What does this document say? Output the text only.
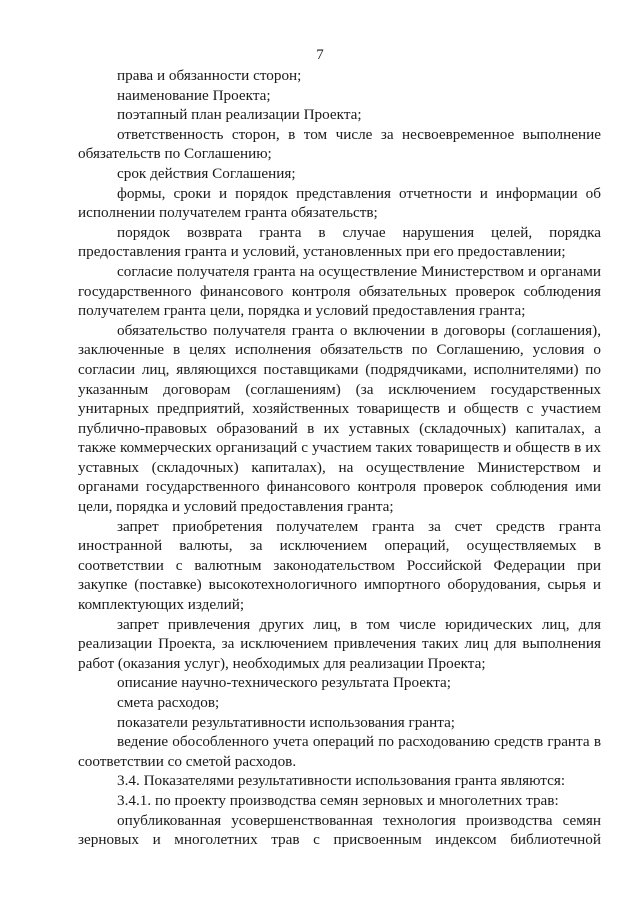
7

права и обязанности сторон;

наименование Проекта;

поэтапный план реализации Проекта;

ответственность сторон, в том числе за несвоевременное выполнение обязательств по Соглашению;

срок действия Соглашения;

формы, сроки и порядок представления отчетности и информации об исполнении получателем гранта обязательств;

порядок возврата гранта в случае нарушения целей, порядка предоставления гранта и условий, установленных при его предоставлении;

согласие получателя гранта на осуществление Министерством и органами государственного финансового контроля обязательных проверок соблюдения получателем гранта цели, порядка и условий предоставления гранта;

обязательство получателя гранта о включении в договоры (соглашения), заключенные в целях исполнения обязательств по Соглашению, условия о согласии лиц, являющихся поставщиками (подрядчиками, исполнителями) по указанным договорам (соглашениям) (за исключением государственных унитарных предприятий, хозяйственных товариществ и обществ с участием публично-правовых образований в их уставных (складочных) капиталах, а также коммерческих организаций с участием таких товариществ и обществ в их уставных (складочных) капиталах), на осуществление Министерством и органами государственного финансового контроля проверок соблюдения ими цели, порядка и условий предоставления гранта;

запрет приобретения получателем гранта за счет средств гранта иностранной валюты, за исключением операций, осуществляемых в соответствии с валютным законодательством Российской Федерации при закупке (поставке) высокотехнологичного импортного оборудования, сырья и комплектующих изделий;

запрет привлечения других лиц, в том числе юридических лиц, для реализации Проекта, за исключением привлечения таких лиц для выполнения работ (оказания услуг), необходимых для реализации Проекта;

описание научно-технического результата Проекта;

смета расходов;

показатели результативности использования гранта;

ведение обособленного учета операций по расходованию средств гранта в соответствии со сметой расходов.

3.4. Показателями результативности использования гранта являются:

3.4.1. по проекту производства семян зерновых и многолетних трав:

опубликованная усовершенствованная технология производства семян зерновых и многолетних трав с присвоенным индексом библиотечной
